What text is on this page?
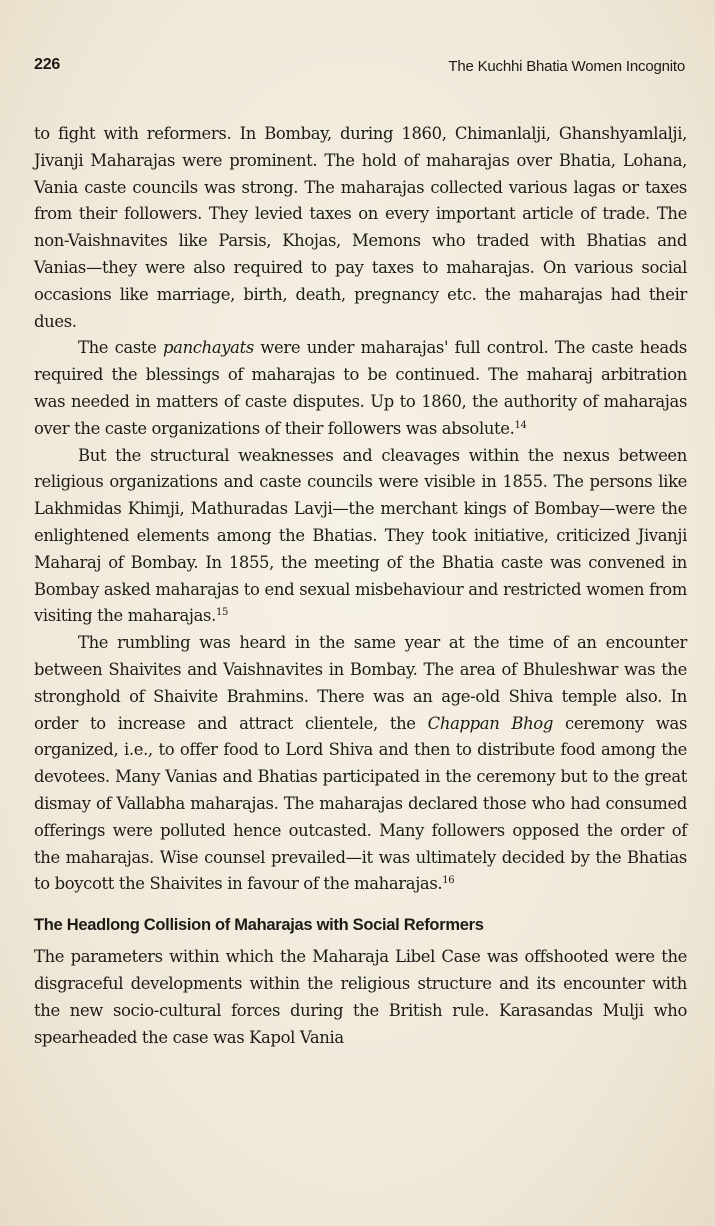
226	The Kuchhi Bhatia Women Incognito

to fight with reformers. In Bombay, during 1860, Chimanlalji, Ghanshyamlalji, Jivanji Maharajas were prominent. The hold of maharajas over Bhatia, Lohana, Vania caste councils was strong. The maharajas collected various lagas or taxes from their followers. They levied taxes on every important article of trade. The non-Vaishnavites like Parsis, Khojas, Memons who traded with Bhatias and Vanias—they were also required to pay taxes to maharajas. On various social occasions like marriage, birth, death, pregnancy etc. the maharajas had their dues.

The caste panchayats were under maharajas' full control. The caste heads required the blessings of maharajas to be continued. The maharaj arbitration was needed in matters of caste disputes. Up to 1860, the authority of maharajas over the caste organizations of their followers was absolute.$^{14}$

But the structural weaknesses and cleavages within the nexus between religious organizations and caste councils were visible in 1855. The persons like Lakhmidas Khimji, Mathuradas Lavji—the merchant kings of Bombay—were the enlightened elements among the Bhatias. They took initiative, criticized Jivanji Maharaj of Bombay. In 1855, the meeting of the Bhatia caste was convened in Bombay asked maharajas to end sexual misbehaviour and restricted women from visiting the maharajas.$^{15}$

The rumbling was heard in the same year at the time of an encounter between Shaivites and Vaishnavites in Bombay. The area of Bhuleshwar was the stronghold of Shaivite Brahmins. There was an age-old Shiva temple also. In order to increase and attract clientele, the Chappan Bhog ceremony was organized, i.e., to offer food to Lord Shiva and then to distribute food among the devotees. Many Vanias and Bhatias participated in the ceremony but to the great dismay of Vallabha maharajas. The maharajas declared those who had consumed offerings were polluted hence outcasted. Many followers opposed the order of the maharajas. Wise counsel prevailed—it was ultimately decided by the Bhatias to boycott the Shaivites in favour of the maharajas.$^{16}$

The Headlong Collision of Maharajas with Social Reformers

The parameters within which the Maharaja Libel Case was offshooted were the disgraceful developments within the religious structure and its encounter with the new socio-cultural forces during the British rule. Karasandas Mulji who spearheaded the case was Kapol Vania
